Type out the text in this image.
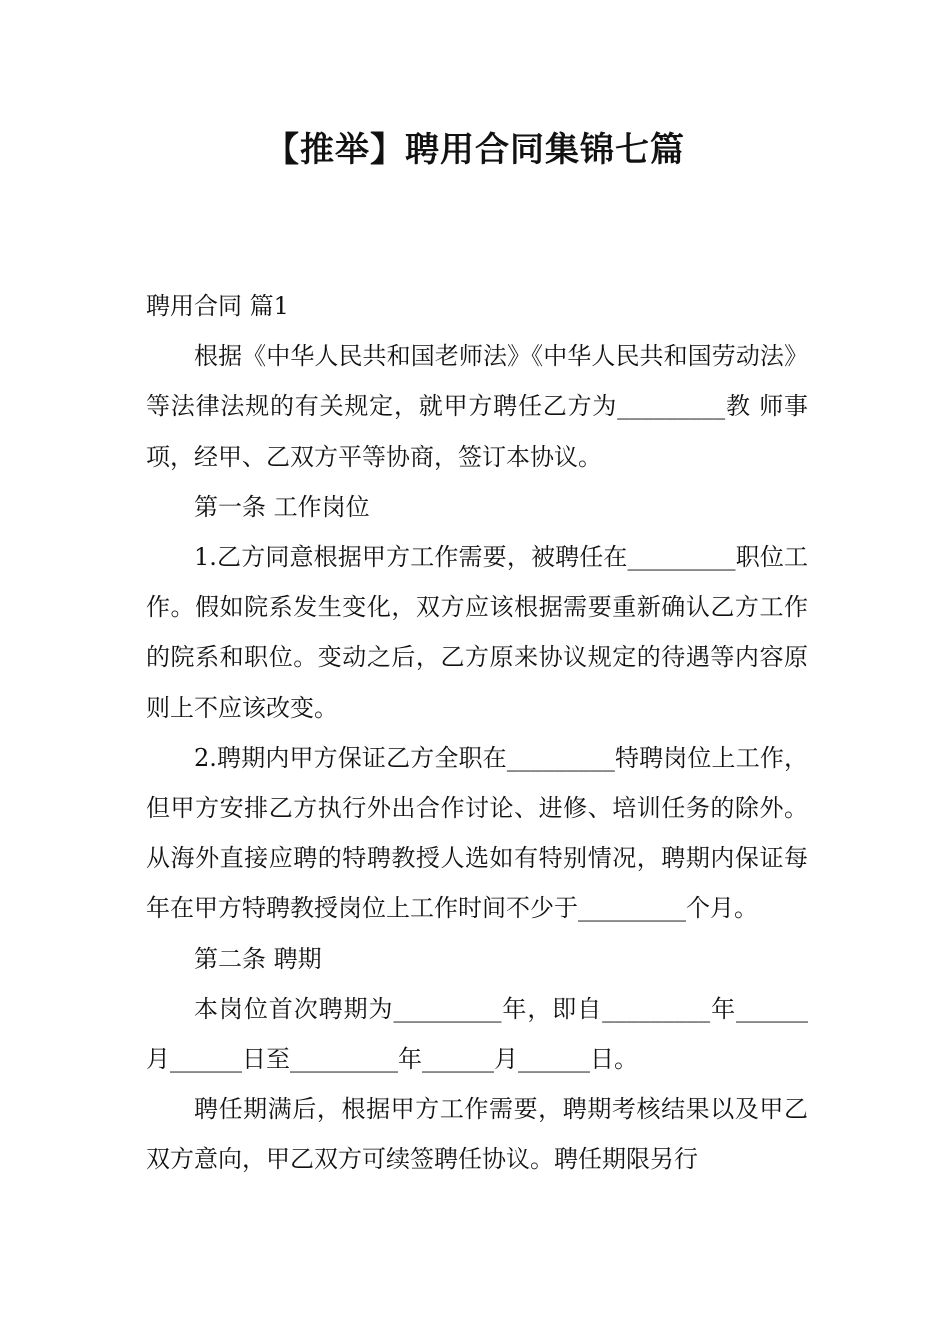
【推举】聘用合同集锦七篇

聘用合同 篇1

根据《中华人民共和国老师法》《中华人民共和国劳动法》等法律法规的有关规定，就甲方聘任乙方为_________教 师事项，经甲、乙双方平等协商，签订本协议。

第一条 工作岗位

1.乙方同意根据甲方工作需要，被聘任在_________职位工作。假如院系发生变化，双方应该根据需要重新确认乙方工作的院系和职位。变动之后，乙方原来协议规定的待遇等内容原则上不应该改变。

2.聘期内甲方保证乙方全职在_________特聘岗位上工作，但甲方安排乙方执行外出合作讨论、进修、培训任务的除外。从海外直接应聘的特聘教授人选如有特别情况，聘期内保证每年在甲方特聘教授岗位上工作时间不少于_________个月。

第二条 聘期

本岗位首次聘期为_________年，即自_________年______月______日至_________年______月______日。

聘任期满后，根据甲方工作需要，聘期考核结果以及甲乙双方意向，甲乙双方可续签聘任协议。聘任期限另行
